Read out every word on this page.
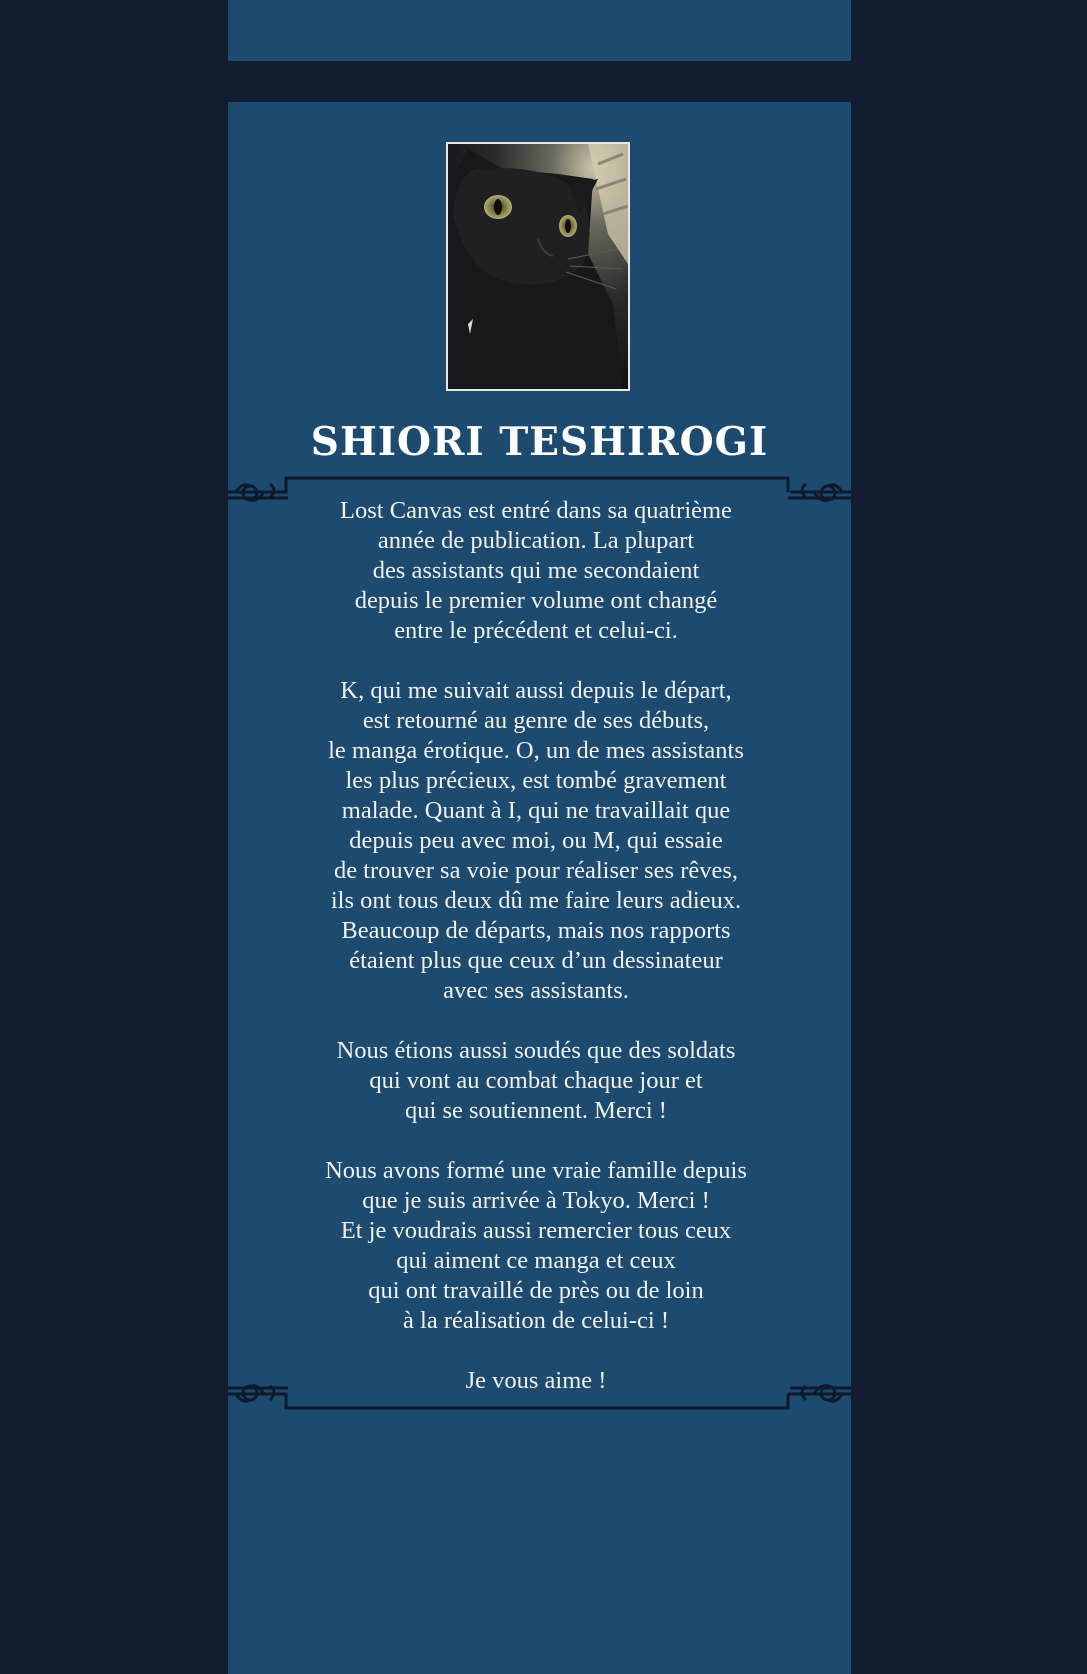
SHIORI TESHIROGI

Lost Canvas est entré dans sa quatrième
année de publication. La plupart
des assistants qui me secondaient
depuis le premier volume ont changé
entre le précédent et celui-ci.

K, qui me suivait aussi depuis le départ,
est retourné au genre de ses débuts,
le manga érotique. O, un de mes assistants
les plus précieux, est tombé gravement
malade. Quant à I, qui ne travaillait que
depuis peu avec moi, ou M, qui essaie
de trouver sa voie pour réaliser ses rêves,
ils ont tous deux dû me faire leurs adieux.
Beaucoup de départs, mais nos rapports
étaient plus que ceux d’un dessinateur
avec ses assistants.

Nous étions aussi soudés que des soldats
qui vont au combat chaque jour et
qui se soutiennent. Merci !

Nous avons formé une vraie famille depuis
que je suis arrivée à Tokyo. Merci !
Et je voudrais aussi remercier tous ceux
qui aiment ce manga et ceux
qui ont travaillé de près ou de loin
à la réalisation de celui-ci !

Je vous aime !
